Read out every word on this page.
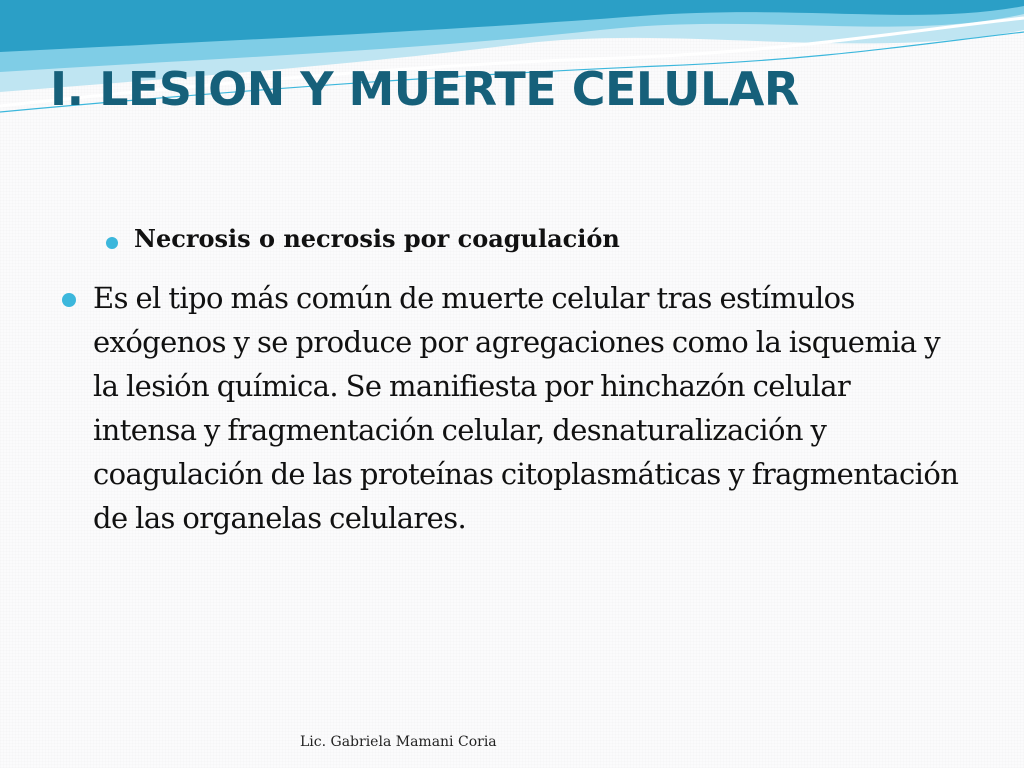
I. LESION Y MUERTE CELULAR
Necrosis o necrosis por coagulación

Es el tipo más común de muerte celular tras estímulos exógenos y se produce por agregaciones como la isquemia y la lesión química. Se manifiesta por hinchazón celular intensa y fragmentación celular, desnaturalización y coagulación de las proteínas citoplasmáticas y fragmentación de las organelas celulares.

Lic. Gabriela Mamani Coria
